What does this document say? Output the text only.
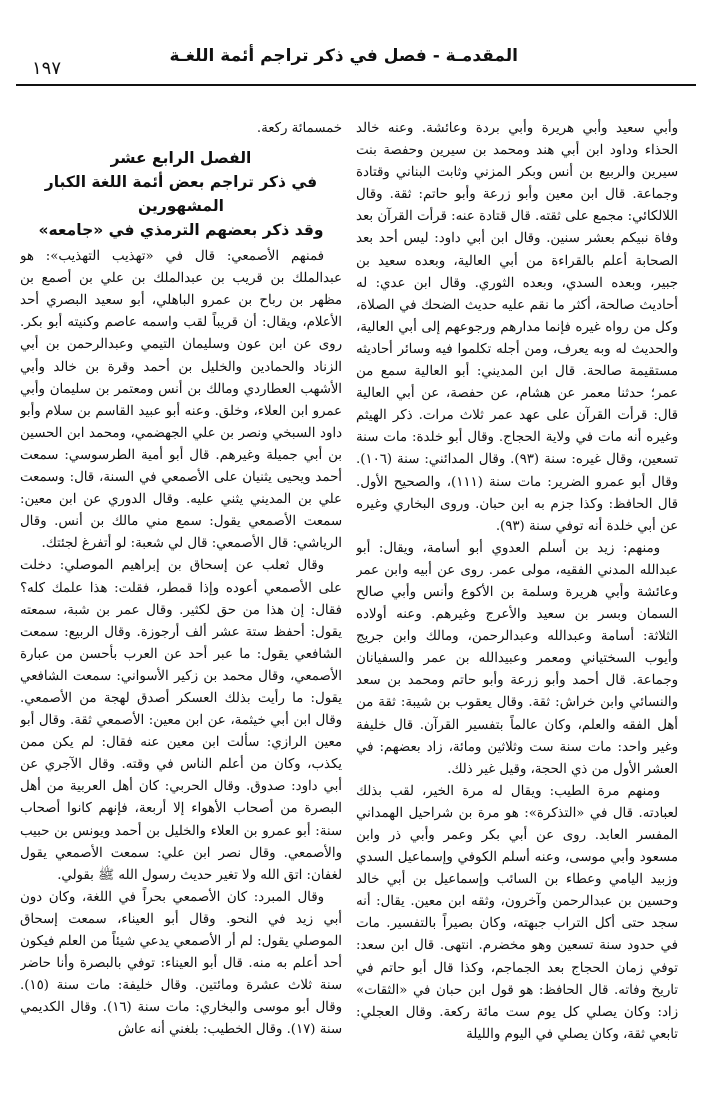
المقدمـة - فصل في ذكر تراجم أئمة اللغـة
١٩٧

وأبي سعيد وأبي هريرة وأبي بردة وعائشة. وعنه خالد الحذاء وداود ابن أبي هند ومحمد بن سيرين وحفصة بنت سيرين والربيع بن أنس وبكر المزني وثابت البناني وقتادة وجماعة. قال ابن معين وأبو زرعة وأبو حاتم: ثقة. وقال اللالكائي: مجمع على ثقته. قال قتادة عنه: قرأت القرآن بعد وفاة نبيكم بعشر سنين. وقال ابن أبي داود: ليس أحد بعد الصحابة أعلم بالقراءة من أبي العالية، وبعده سعيد بن جبير، وبعده السدي، وبعده الثوري. وقال ابن عدي: له أحاديث صالحة، أكثر ما نقم عليه حديث الضحك في الصلاة، وكل من رواه غيره فإنما مدارهم ورجوعهم إلى أبي العالية، والحديث له وبه يعرف، ومن أجله تكلموا فيه وسائر أحاديثه مستقيمة صالحة. قال ابن المديني: أبو العالية سمع من عمر؛ حدثنا معمر عن هشام، عن حفصة، عن أبي العالية قال: قرأت القرآن على عهد عمر ثلاث مرات. ذكر الهيثم وغيره أنه مات في ولاية الحجاج. وقال أبو خلدة: مات سنة تسعين، وقال غيره: سنة (٩٣). وقال المدائني: سنة (١٠٦). وقال أبو عمرو الضرير: مات سنة (١١١)، والصحيح الأول. قال الحافظ: وكذا جزم به ابن حبان. وروى البخاري وغيره عن أبي خلدة أنه توفي سنة (٩٣).

ومنهم: زيد بن أسلم العدوي أبو أسامة، ويقال: أبو عبدالله المدني الفقيه، مولى عمر. روى عن أبيه وابن عمر وعائشة وأبي هريرة وسلمة بن الأكوع وأنس وأبي صالح السمان وبسر بن سعيد والأعرج وغيرهم. وعنه أولاده الثلاثة: أسامة وعبدالله وعبدالرحمن، ومالك وابن جريج وأيوب السختياني ومعمر وعبيدالله بن عمر والسفيانان وجماعة. قال أحمد وأبو زرعة وأبو حاتم ومحمد بن سعد والنسائي وابن خراش: ثقة. وقال يعقوب بن شيبة: ثقة من أهل الفقه والعلم، وكان عالماً بتفسير القرآن. قال خليفة وغير واحد: مات سنة ست وثلاثين ومائة، زاد بعضهم: في العشر الأول من ذي الحجة، وقيل غير ذلك.

ومنهم مرة الطيب: ويقال له مرة الخير، لقب بذلك لعبادته. قال في «التذكرة»: هو مرة بن شراحيل الهمداني المفسر العابد. روى عن أبي بكر وعمر وأبي ذر وابن مسعود وأبي موسى، وعنه أسلم الكوفي وإسماعيل السدي وزبيد اليامي وعطاء بن السائب وإسماعيل بن أبي خالد وحسين بن عبدالرحمن وآخرون، وثقه ابن معين. يقال: أنه سجد حتى أكل التراب جبهته، وكان بصيراً بالتفسير. مات في حدود سنة تسعين وهو مخضرم. انتهى. قال ابن سعد: توفي زمان الحجاج بعد الجماجم، وكذا قال أبو حاتم في تاريخ وفاته. قال الحافظ: هو قول ابن حبان في «الثقات» زاد: وكان يصلي كل يوم ست مائة ركعة. وقال العجلي: تابعي ثقة، وكان يصلي في اليوم والليلة

خمسمائة ركعة.

الفصل الرابع عشر
في ذكر تراجم بعض أئمة اللغة الكبار المشهورين
وقد ذكر بعضهم الترمذي في «جامعه»

فمنهم الأصمعي: قال في «تهذيب التهذيب»: هو عبدالملك بن قريب بن عبدالملك بن علي بن أصمع بن مظهر بن رباح بن عمرو الباهلي، أبو سعيد البصري أحد الأعلام، ويقال: أن قريباً لقب واسمه عاصم وكنيته أبو بكر. روى عن ابن عون وسليمان التيمي وعبدالرحمن بن أبي الزناد والحمادين والخليل بن أحمد وقرة بن خالد وأبي الأشهب العطاردي ومالك بن أنس ومعتمر بن سليمان وأبي عمرو ابن العلاء، وخلق. وعنه أبو عبيد القاسم بن سلام وأبو داود السبخي ونصر بن علي الجهضمي، ومحمد ابن الحسين بن أبي جميلة وغيرهم. قال أبو أمية الطرسوسي: سمعت أحمد ويحيى يثنيان على الأصمعي في السنة، قال: وسمعت علي بن المديني يثني عليه. وقال الدوري عن ابن معين: سمعت الأصمعي يقول: سمع مني مالك بن أنس. وقال الرياشي: قال الأصمعي: قال لي شعبة: لو أتفرغ لجئتك.

وقال ثعلب عن إسحاق بن إبراهيم الموصلي: دخلت على الأصمعي أعوده وإذا قمطر، فقلت: هذا علمك كله؟ فقال: إن هذا من حق لكثير. وقال عمر بن شبة، سمعته يقول: أحفظ ستة عشر ألف أرجوزة. وقال الربيع: سمعت الشافعي يقول: ما عبر أحد عن العرب بأحسن من عبارة الأصمعي، وقال محمد بن زكير الأسواني: سمعت الشافعي يقول: ما رأيت بذلك العسكر أصدق لهجة من الأصمعي. وقال ابن أبي خيثمة، عن ابن معين: الأصمعي ثقة. وقال أبو معين الرازي: سألت ابن معين عنه فقال: لم يكن ممن يكذب، وكان من أعلم الناس في وقته. وقال الآجري عن أبي داود: صدوق. وقال الحربي: كان أهل العربية من أهل البصرة من أصحاب الأهواء إلا أربعة، فإنهم كانوا أصحاب سنة: أبو عمرو بن العلاء والخليل بن أحمد ويونس بن حبيب والأصمعي. وقال نصر ابن علي: سمعت الأصمعي يقول لغفان: اتق الله ولا تغير حديث رسول الله ﷺ بقولي.

وقال المبرد: كان الأصمعي بحراً في اللغة، وكان دون أبي زيد في النحو. وقال أبو العيناء، سمعت إسحاق الموصلي يقول: لم أر الأصمعي يدعي شيئاً من العلم فيكون أحد أعلم به منه. قال أبو العيناء: توفي بالبصرة وأنا حاضر سنة ثلاث عشرة ومائتين. وقال خليفة: مات سنة (١٥). وقال أبو موسى والبخاري: مات سنة (١٦). وقال الكديمي سنة (١٧). وقال الخطيب: بلغني أنه عاش
